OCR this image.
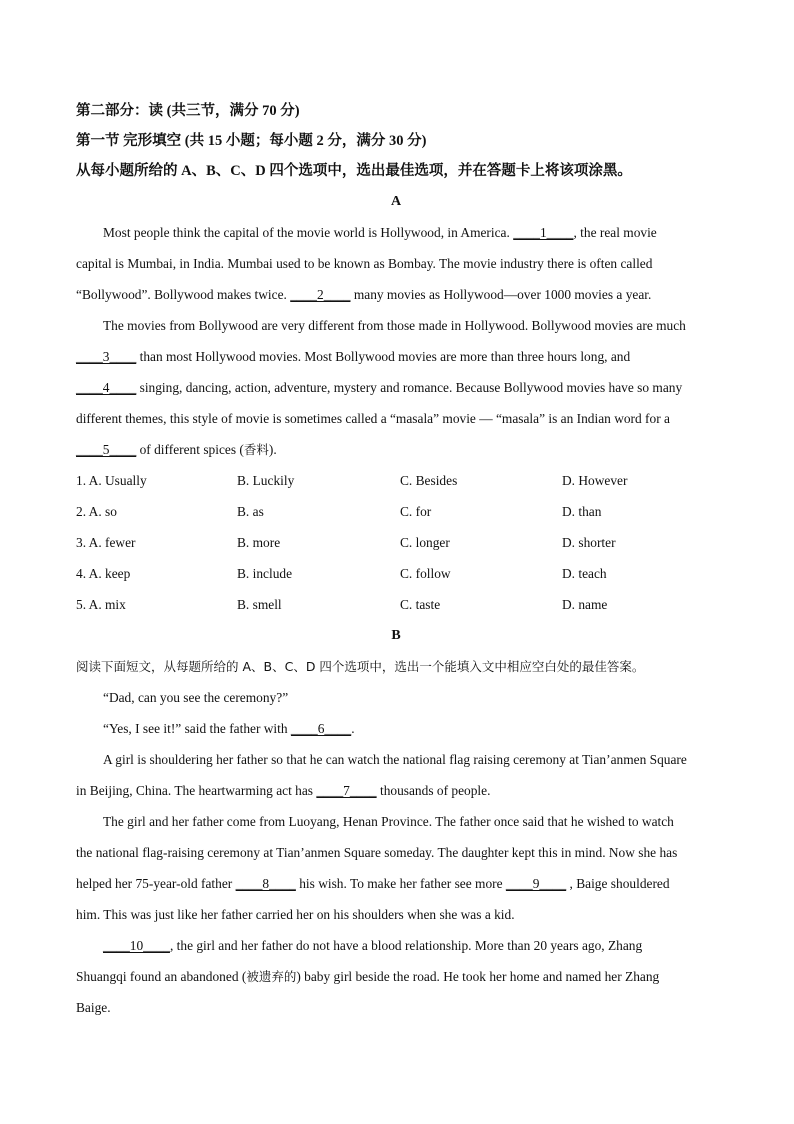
第二部分：读 (共三节，满分 70 分)
第一节 完形填空 (共 15 小题；每小题 2 分，满分 30 分)
从每小题所给的 A、B、C、D 四个选项中，选出最佳选项，并在答题卡上将该项涂黑。
A
Most people think the capital of the movie world is Hollywood, in America. ____1____, the real movie
capital is Mumbai, in India. Mumbai used to be known as Bombay. The movie industry there is often called
“Bollywood”. Bollywood makes twice. ____2____ many movies as Hollywood—over 1000 movies a year.
The movies from Bollywood are very different from those made in Hollywood. Bollywood movies are much
____3____ than most Hollywood movies. Most Bollywood movies are more than three hours long, and
____4____ singing, dancing, action, adventure, mystery and romance. Because Bollywood movies have so many
different themes, this style of movie is sometimes called a “masala” movie — “masala” is an Indian word for a
____5____ of different spices (香料).
1. A. Usually	B. Luckily	C. Besides	D. However
2. A. so	B. as	C. for	D. than
3. A. fewer	B. more	C. longer	D. shorter
4. A. keep	B. include	C. follow	D. teach
5. A. mix	B. smell	C. taste	D. name
B
阅读下面短文，从每题所给的 A、B、C、D 四个选项中，选出一个能填入文中相应空白处的最佳答案。
“Dad, can you see the ceremony?”
“Yes, I see it!” said the father with ____6____.
A girl is shouldering her father so that he can watch the national flag raising ceremony at Tian’anmen Square
in Beijing, China. The heartwarming act has ____7____ thousands of people.
The girl and her father come from Luoyang, Henan Province. The father once said that he wished to watch
the national flag-raising ceremony at Tian’anmen Square someday. The daughter kept this in mind. Now she has
helped her 75-year-old father ____8____ his wish. To make her father see more ____9____ , Baige shouldered
him. This was just like her father carried her on his shoulders when she was a kid.
____10____, the girl and her father do not have a blood relationship. More than 20 years ago, Zhang
Shuangqi found an abandoned (被遗弃的) baby girl beside the road. He took her home and named her Zhang
Baige.
